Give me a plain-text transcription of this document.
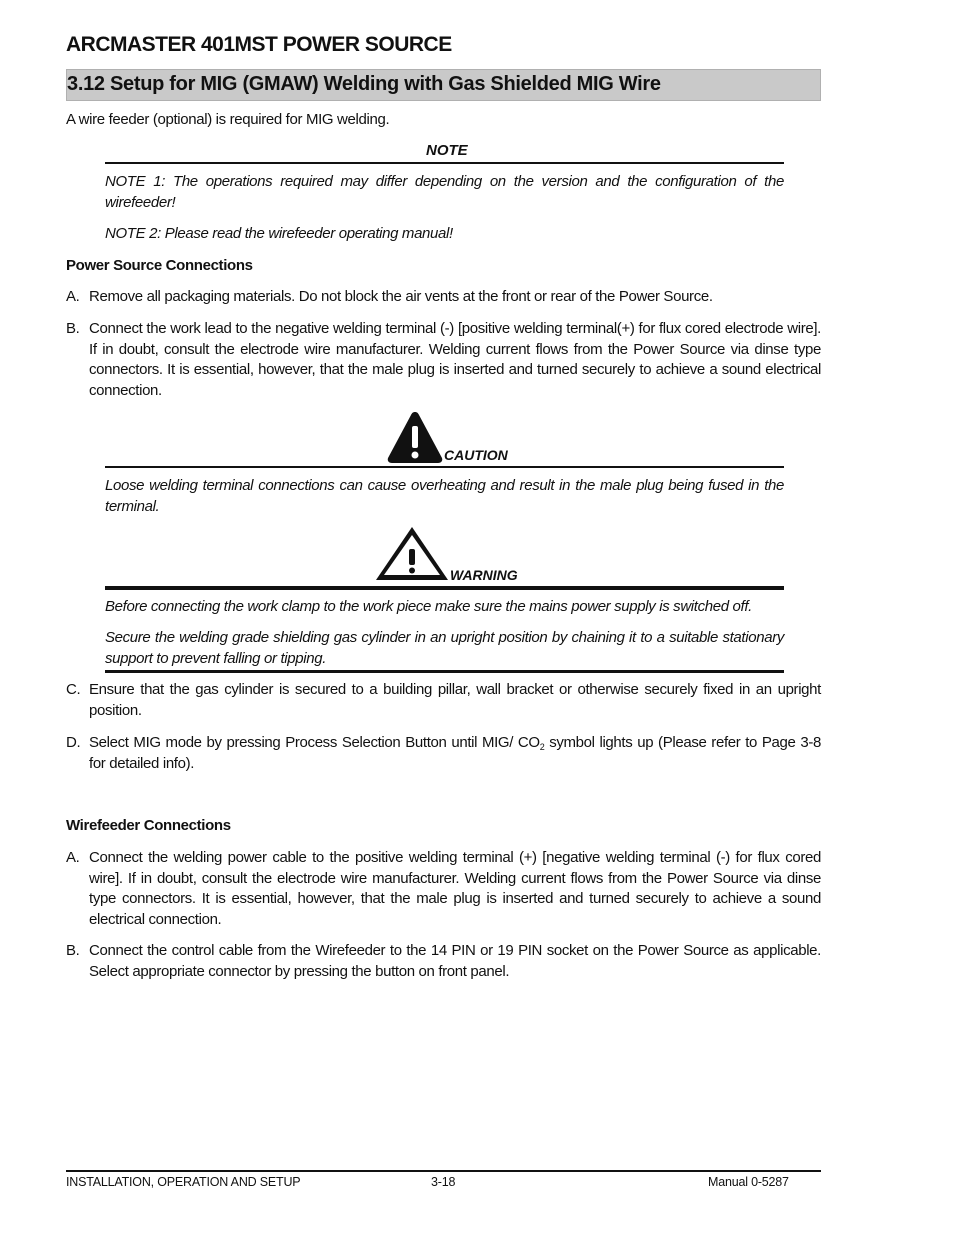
ARCMASTER 401MST POWER SOURCE
3.12 Setup for MIG (GMAW) Welding with Gas Shielded MIG Wire
A wire feeder (optional) is required for MIG welding.
NOTE
NOTE 1: The operations required may differ depending on the version and the configuration of the wirefeeder!
NOTE 2: Please read the wirefeeder operating manual!
Power Source Connections
A. Remove all packaging materials. Do not block the air vents at the front or rear of the Power Source.
B. Connect the work lead to the negative welding terminal (-) [positive welding terminal(+) for flux cored electrode wire]. If in doubt, consult the electrode wire manufacturer. Welding current flows from the Power Source via dinse type connectors. It is essential, however, that the male plug is inserted and turned securely to achieve a sound electrical connection.
CAUTION
Loose welding terminal connections can cause overheating and result in the male plug being fused in the terminal.
WARNING
Before connecting the work clamp to the work piece make sure the mains power supply is switched off.
Secure the welding grade shielding gas cylinder in an upright position by chaining it to a suitable stationary support to prevent falling or tipping.
C. Ensure that the gas cylinder is secured to a building pillar, wall bracket or otherwise securely fixed in an upright position.
D. Select MIG mode by pressing Process Selection Button until MIG/ $CO_2$ symbol lights up (Please refer to Page 3-8 for detailed info).
Wirefeeder Connections
A. Connect the welding power cable to the positive welding terminal (+) [negative welding terminal (-) for flux cored wire]. If in doubt, consult the electrode wire manufacturer. Welding current flows from the Power Source via dinse type connectors. It is essential, however, that the male plug is inserted and turned securely to achieve a sound electrical connection.
B. Connect the control cable from the Wirefeeder to the 14 PIN or 19 PIN socket on the Power Source as applicable. Select appropriate connector by pressing the button on front panel.
INSTALLATION, OPERATION AND SETUP	3-18	Manual 0-5287
